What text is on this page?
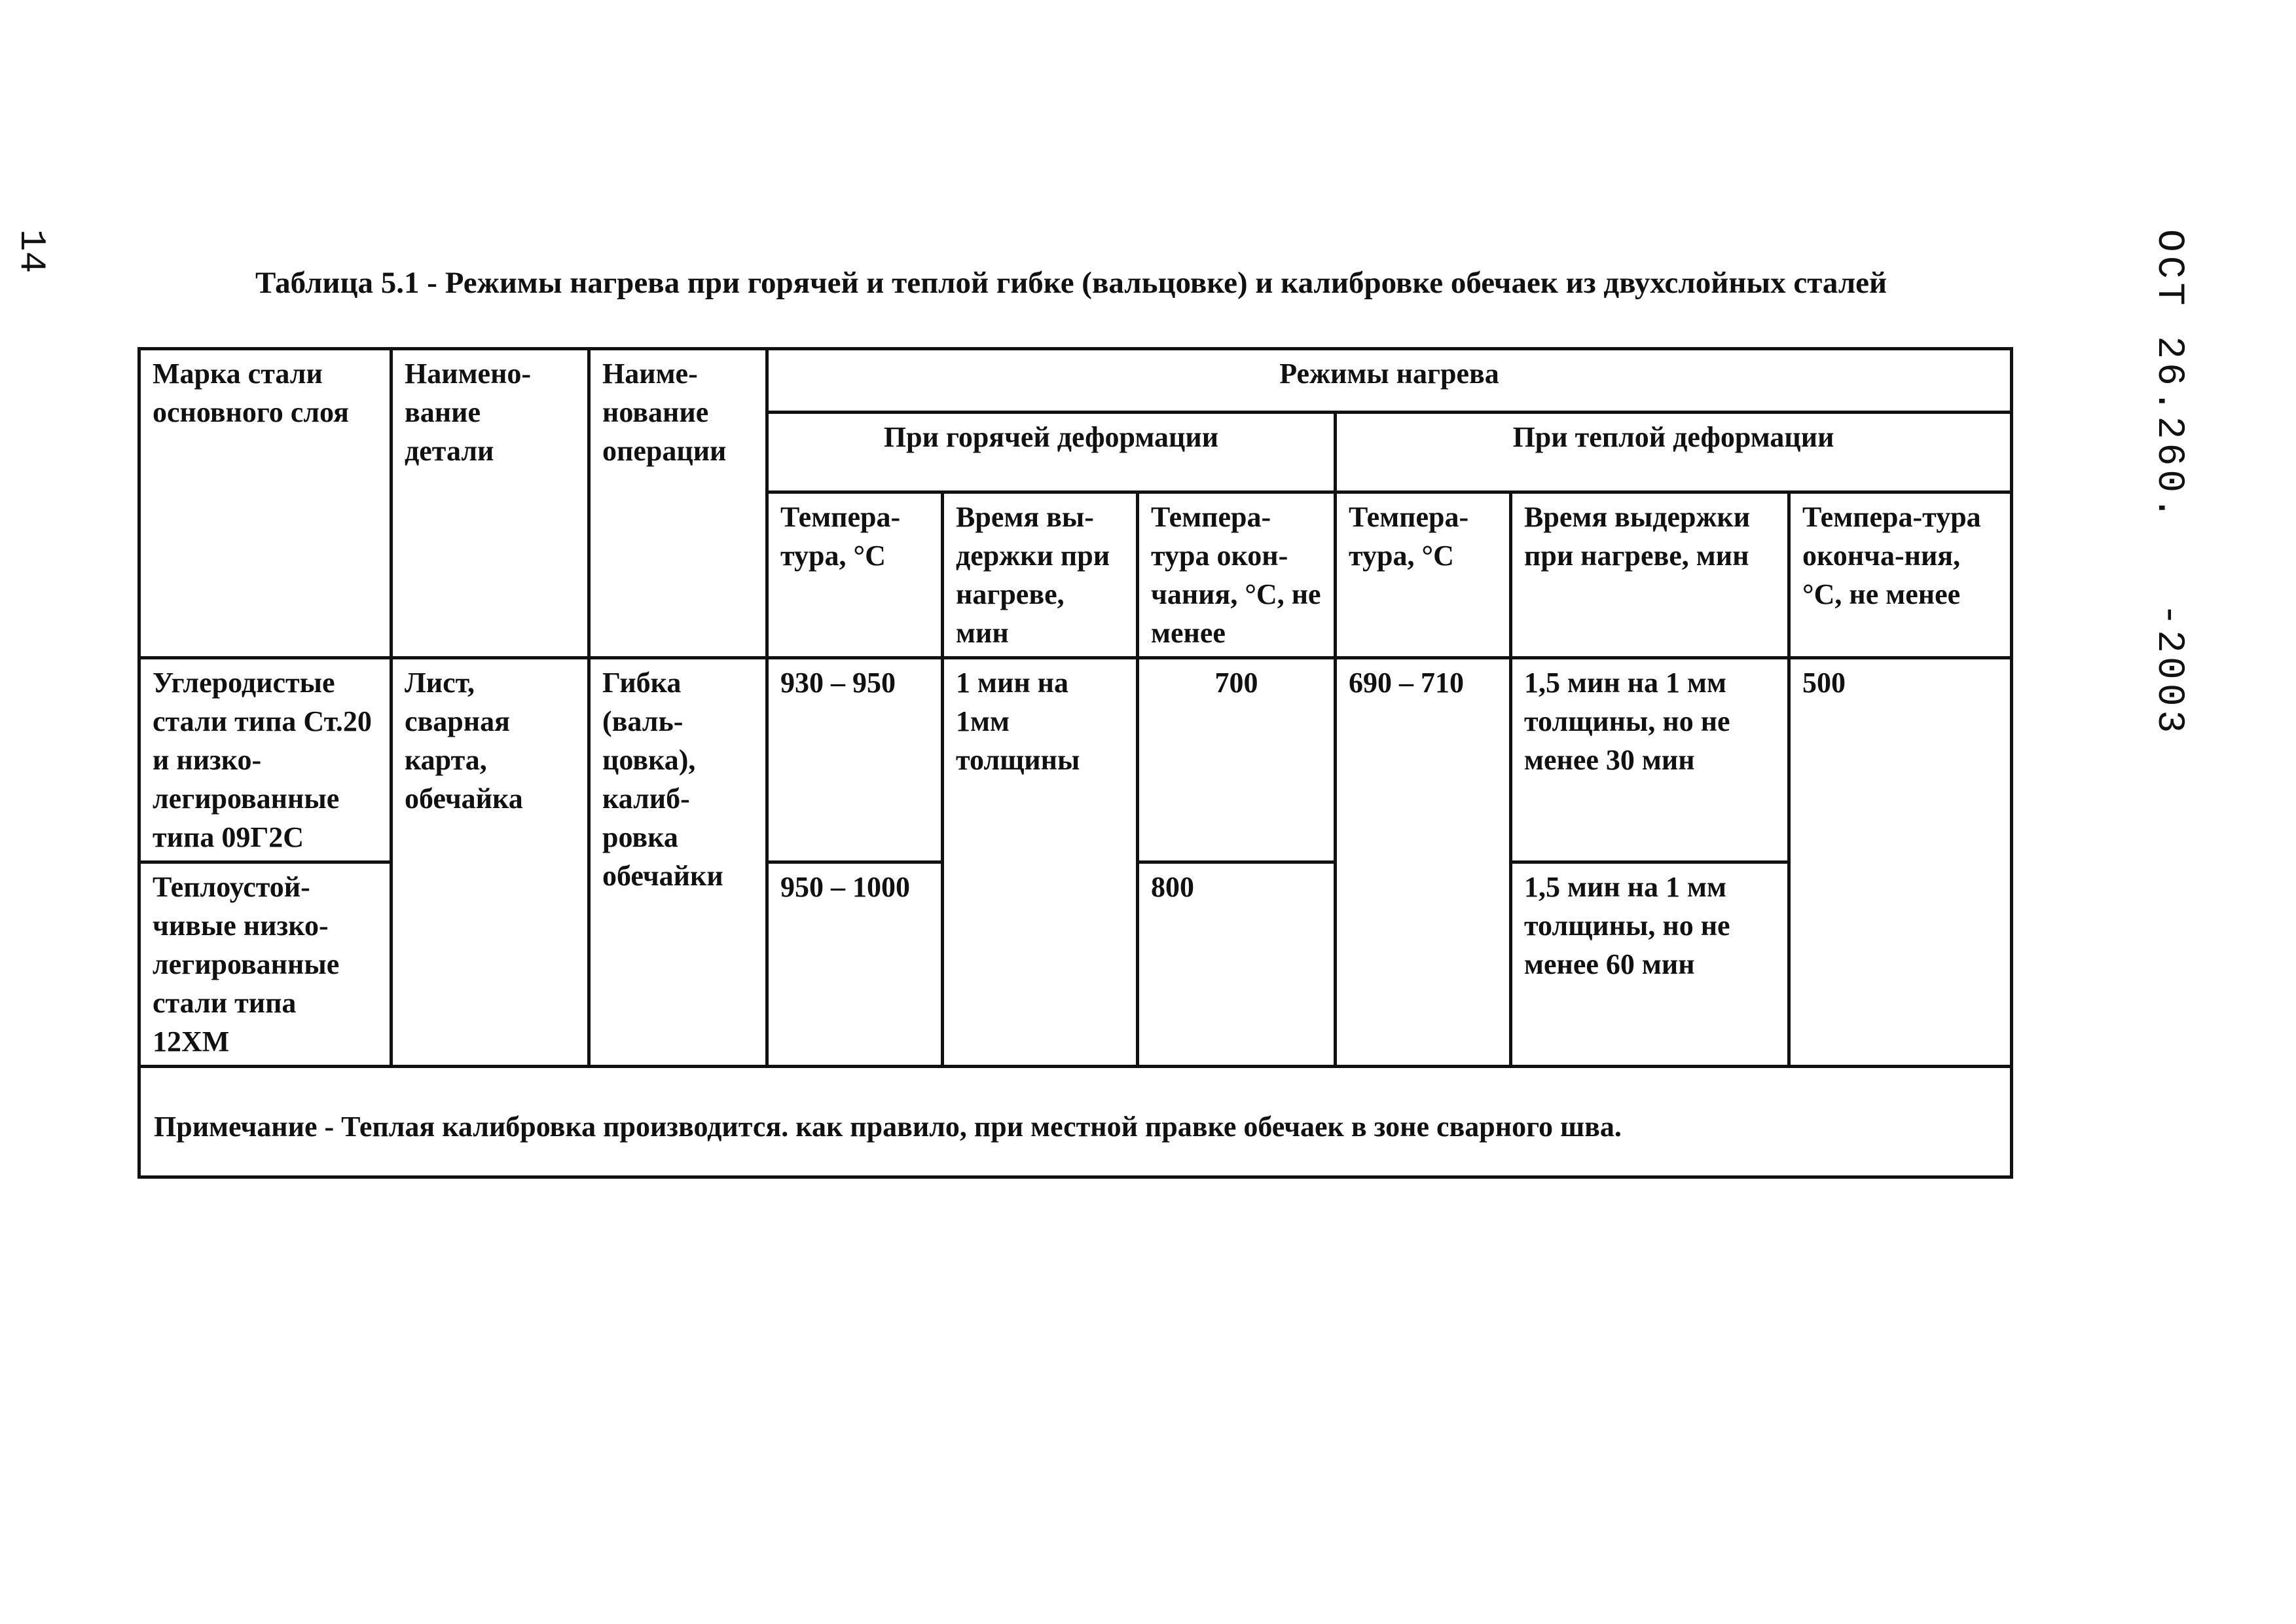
14	ОСТ 26.260.   -2003
Таблица 5.1 - Режимы нагрева при горячей и теплой гибке (вальцовке) и калибровке обечаек из двухслойных сталей
Марка стали основного слоя	Наимено-вание детали	Наиме-нование операции	Режимы нагрева					
			При горячей деформации			При теплой деформации		
			Темпера-тура, °С	Время вы-держки при нагреве, мин	Темпера-тура окон-чания, °С, не менее	Темпера-тура, °С	Время выдержки при нагреве, мин	Темпера-тура оконча-ния, °С, не менее
Углеродистые стали типа Ст.20 и низко-легированные типа 09Г2С	Лист, сварная карта, обечайка	Гибка (валь-цовка), калиб-ровка обечайки	930 – 950	1 мин на 1мм толщины	700	690 – 710	1,5 мин на 1 мм толщины, но не менее 30 мин	500
Теплоустой-чивые низко-легированные стали типа 12ХМ			950 – 1000		800		1,5 мин на 1 мм толщины, но не менее 60 мин	
Примечание - Теплая калибровка производится. как правило, при местной правке обечаек в зоне сварного шва.								
